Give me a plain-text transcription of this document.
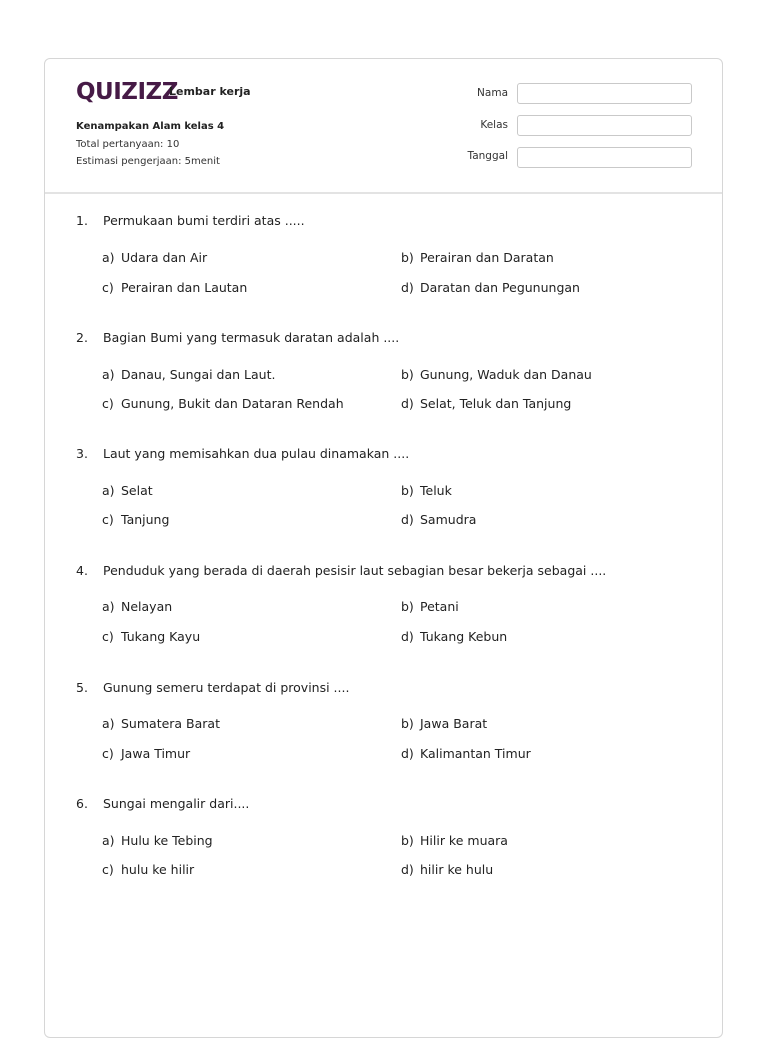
QUIZIZZ
Lembar kerja
Kenampakan Alam kelas 4
Total pertanyaan: 10
Estimasi pengerjaan: 5menit
Nama
Kelas
Tanggal
1. Permukaan bumi terdiri atas .....
a) Udara dan Air	b) Perairan dan Daratan
c) Perairan dan Lautan	d) Daratan dan Pegunungan
2. Bagian Bumi yang termasuk daratan adalah ....
a) Danau, Sungai dan Laut.	b) Gunung, Waduk dan Danau
c) Gunung, Bukit dan Dataran Rendah	d) Selat, Teluk dan Tanjung
3. Laut yang memisahkan dua pulau dinamakan ....
a) Selat	b) Teluk
c) Tanjung	d) Samudra
4. Penduduk yang berada di daerah pesisir laut sebagian besar bekerja sebagai ....
a) Nelayan	b) Petani
c) Tukang Kayu	d) Tukang Kebun
5. Gunung semeru terdapat di provinsi ....
a) Sumatera Barat	b) Jawa Barat
c) Jawa Timur	d) Kalimantan Timur
6. Sungai mengalir dari....
a) Hulu ke Tebing	b) Hilir ke muara
c) hulu ke hilir	d) hilir ke hulu
